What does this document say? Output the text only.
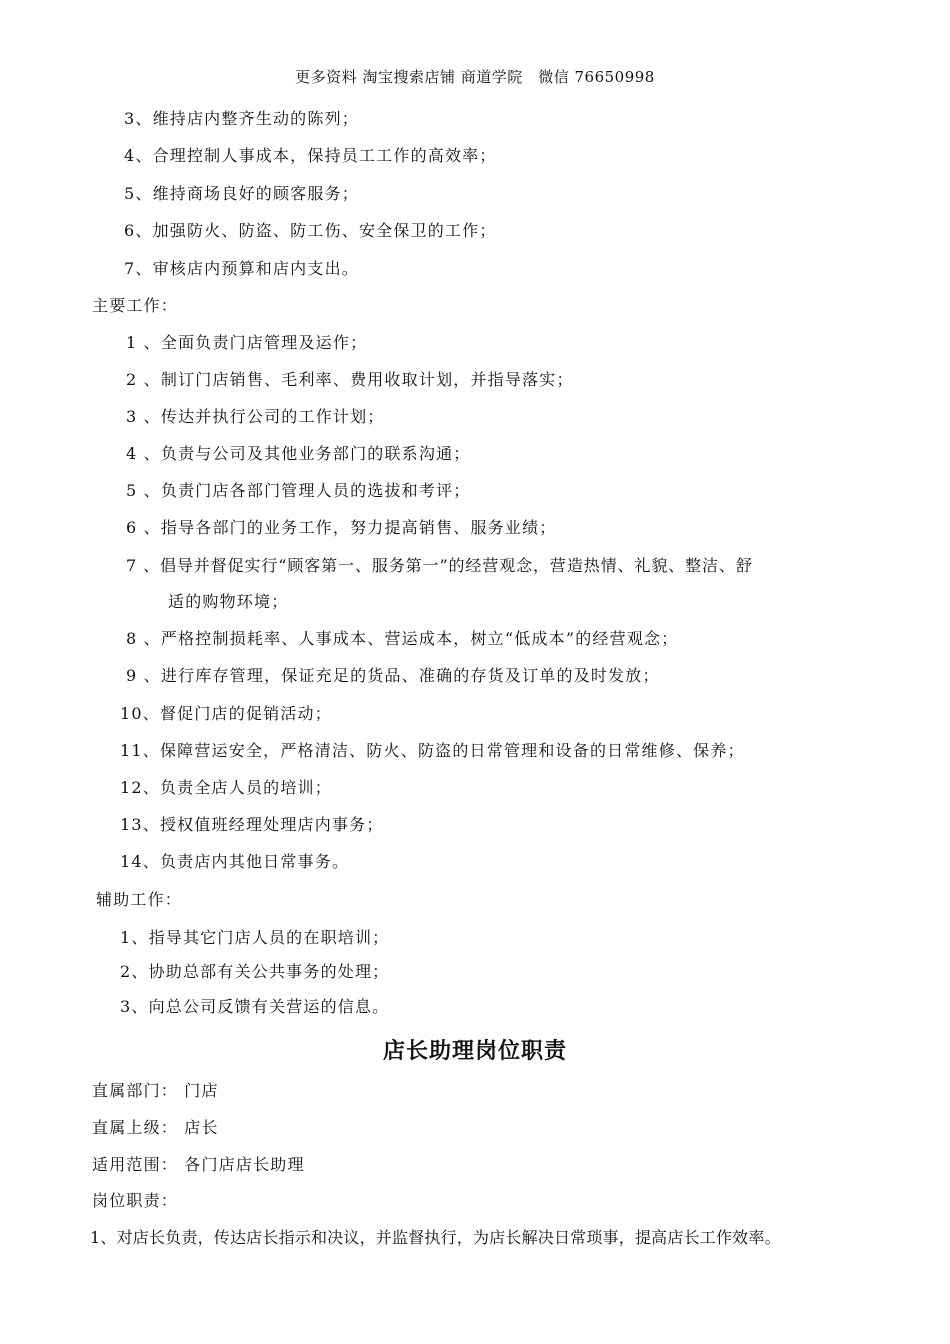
更多资料 淘宝搜索店铺 商道学院　微信 76650998
3、维持店内整齐生动的陈列；
4、合理控制人事成本，保持员工工作的高效率；
5、维持商场良好的顾客服务；
6、加强防火、防盗、防工伤、安全保卫的工作；
7、审核店内预算和店内支出。
主要工作：
1 、全面负责门店管理及运作；
2 、制订门店销售、毛利率、费用收取计划，并指导落实；
3 、传达并执行公司的工作计划；
4 、负责与公司及其他业务部门的联系沟通；
5 、负责门店各部门管理人员的选拔和考评；
6 、指导各部门的业务工作，努力提高销售、服务业绩；
7 、倡导并督促实行“顾客第一、服务第一”的经营观念，营造热情、礼貌、整洁、舒
适的购物环境；
8 、严格控制损耗率、人事成本、营运成本，树立“低成本”的经营观念；
9 、进行库存管理，保证充足的货品、准确的存货及订单的及时发放；
10、督促门店的促销活动；
11、保障营运安全，严格清洁、防火、防盗的日常管理和设备的日常维修、保养；
12、负责全店人员的培训；
13、授权值班经理处理店内事务；
14、负责店内其他日常事务。
辅助工作：
1、指导其它门店人员的在职培训；
2、协助总部有关公共事务的处理；
3、向总公司反馈有关营运的信息。
店长助理岗位职责
直属部门： 门店
直属上级： 店长
适用范围： 各门店店长助理
岗位职责：
1、对店长负责，传达店长指示和决议，并监督执行，为店长解决日常琐事，提高店长工作效率。
